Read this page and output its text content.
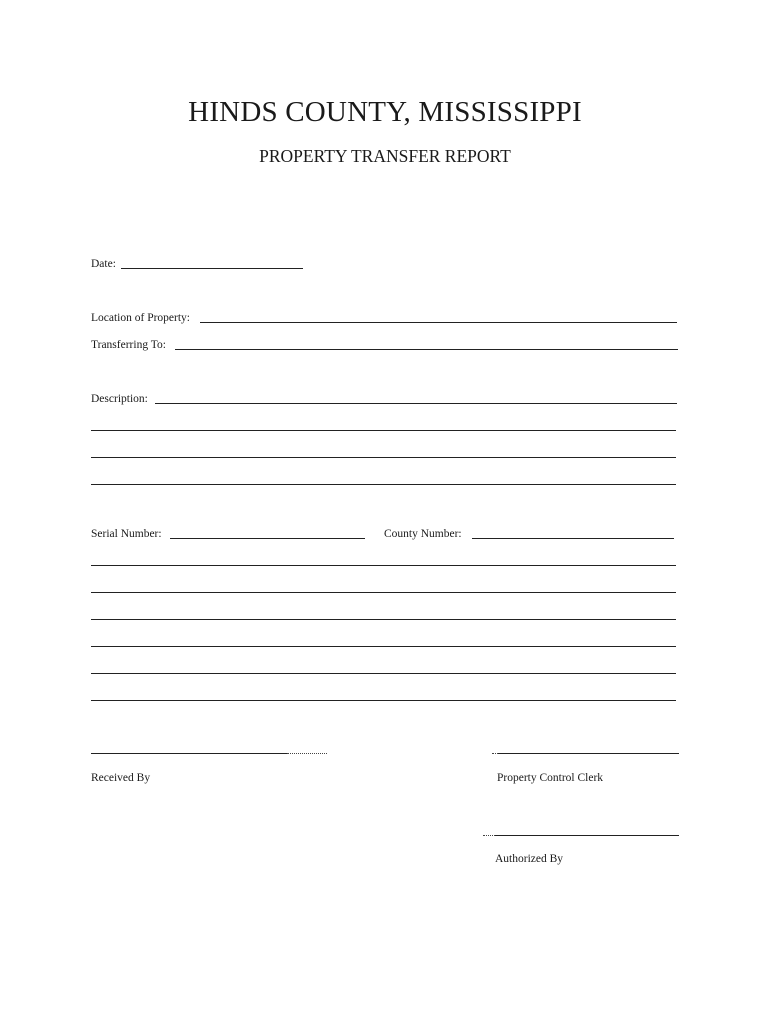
HINDS COUNTY, MISSISSIPPI
PROPERTY TRANSFER REPORT
Date:
Location of Property:
Transferring To:
Description:
Serial Number:	County Number:
Received By	Property Control Clerk
Authorized By
